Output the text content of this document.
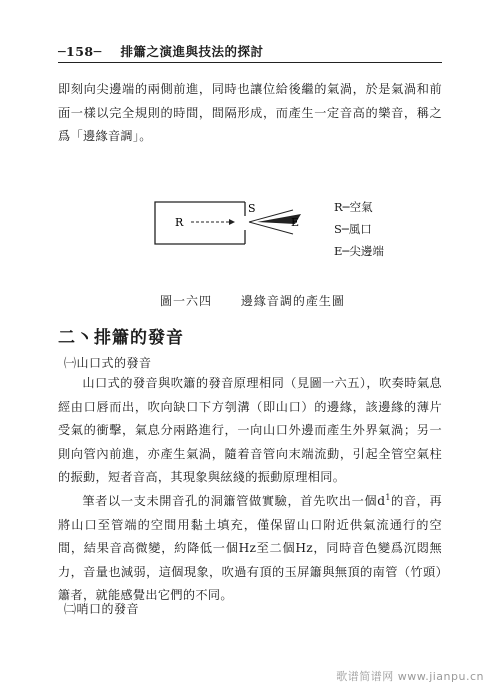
─158─ 排簫之演進與技法的探討
即刻向尖邊端的兩側前進，同時也讓位給後繼的氣渦，於是氣渦和前面一樣以完全規則的時間，間隔形成，而產生一定音高的樂音，稱之爲「邊緣音調」。
R
S
E
R─空氣
S─風口
E─尖邊端
圖一六四 邊緣音調的產生圖
二丶排簫的發音
㈠山口式的發音
山口式的發音與吹簫的發音原理相同（見圖一六五），吹奏時氣息經由口唇而出，吹向缺口下方刳溝（即山口）的邊緣，該邊緣的薄片受氣的衝擊，氣息分兩路進行，一向山口外邊而產生外界氣渦；另一則向管內前進，亦產生氣渦，隨着音管向末端流動，引起全管空氣柱的振動，短者音高，其現象與絃綫的振動原理相同。
筆者以一支未開音孔的洞簫管做實驗，首先吹出一個$d^1$的音，再將山口至管端的空間用黏土填充，僅保留山口附近供氣流通行的空間，結果音高微變，約降低一個Hz至二個Hz，同時音色變爲沉悶無力，音量也減弱，這個現象，吹過有頂的玉屏簫與無頂的南管（竹頭）簫者，就能感覺出它們的不同。
㈡哨口的發音
歌谱简谱网 www.jianpu.cn
